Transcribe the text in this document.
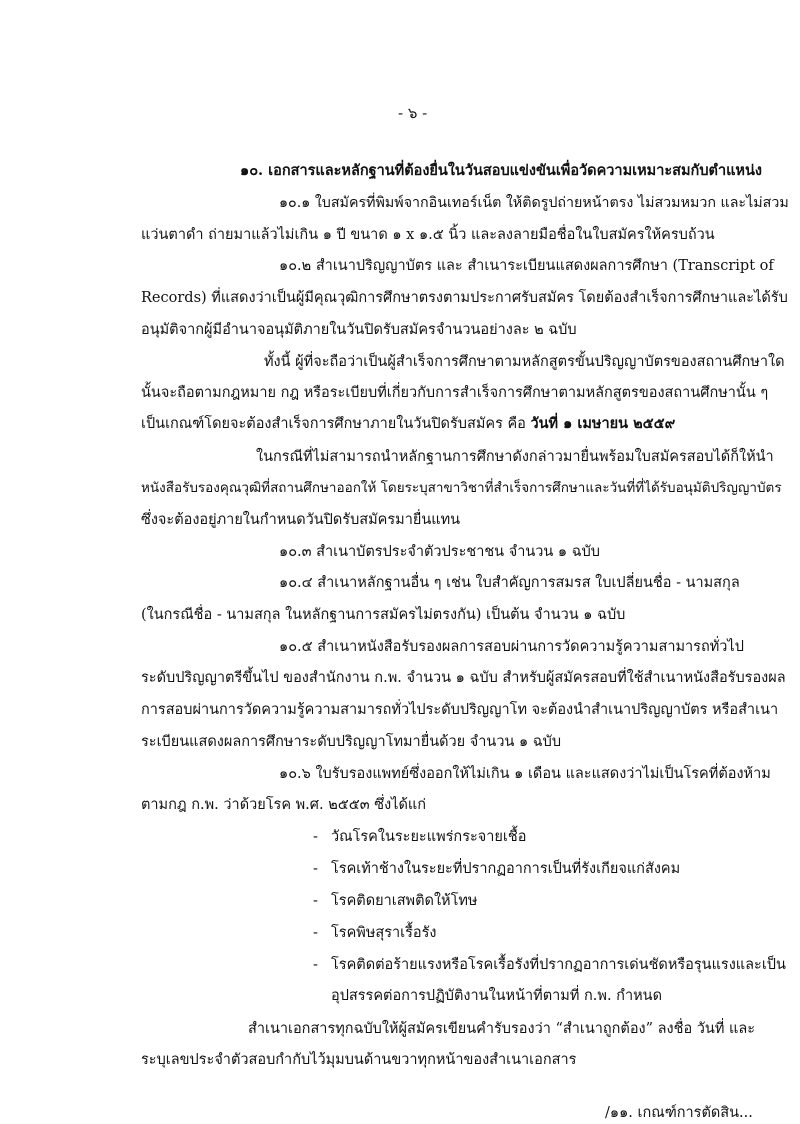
- ๖ -
๑๐. เอกสารและหลักฐานที่ต้องยื่นในวันสอบแข่งขันเพื่อวัดความเหมาะสมกับตำแหน่ง
๑๐.๑ ใบสมัครที่พิมพ์จากอินเทอร์เน็ต ให้ติดรูปถ่ายหน้าตรง ไม่สวมหมวก และไม่สวม
แว่นตาดำ ถ่ายมาแล้วไม่เกิน ๑ ปี ขนาด ๑ x ๑.๕ นิ้ว และลงลายมือชื่อในใบสมัครให้ครบถ้วน
๑๐.๒ สำเนาปริญญาบัตร และ สำเนาระเบียนแสดงผลการศึกษา (Transcript of
Records) ที่แสดงว่าเป็นผู้มีคุณวุฒิการศึกษาตรงตามประกาศรับสมัคร โดยต้องสำเร็จการศึกษาและได้รับ
อนุมัติจากผู้มีอำนาจอนุมัติภายในวันปิดรับสมัครจำนวนอย่างละ ๒ ฉบับ
ทั้งนี้ ผู้ที่จะถือว่าเป็นผู้สำเร็จการศึกษาตามหลักสูตรขั้นปริญญาบัตรของสถานศึกษาใด
นั้นจะถือตามกฎหมาย กฎ หรือระเบียบที่เกี่ยวกับการสำเร็จการศึกษาตามหลักสูตรของสถานศึกษานั้น ๆ
เป็นเกณฑ์โดยจะต้องสำเร็จการศึกษาภายในวันปิดรับสมัคร คือ วันที่ ๑ เมษายน ๒๕๕๙
ในกรณีที่ไม่สามารถนำหลักฐานการศึกษาดังกล่าวมายื่นพร้อมใบสมัครสอบได้ก็ให้นำ
หนังสือรับรองคุณวุฒิที่สถานศึกษาออกให้ โดยระบุสาขาวิชาที่สำเร็จการศึกษาและวันที่ที่ได้รับอนุมัติปริญญาบัตร
ซึ่งจะต้องอยู่ภายในกำหนดวันปิดรับสมัครมายื่นแทน
๑๐.๓ สำเนาบัตรประจำตัวประชาชน จำนวน ๑ ฉบับ
๑๐.๔ สำเนาหลักฐานอื่น ๆ เช่น ใบสำคัญการสมรส ใบเปลี่ยนชื่อ - นามสกุล
(ในกรณีชื่อ - นามสกุล ในหลักฐานการสมัครไม่ตรงกัน) เป็นต้น จำนวน ๑ ฉบับ
๑๐.๕ สำเนาหนังสือรับรองผลการสอบผ่านการวัดความรู้ความสามารถทั่วไป
ระดับปริญญาตรีขึ้นไป ของสำนักงาน ก.พ. จำนวน ๑ ฉบับ สำหรับผู้สมัครสอบที่ใช้สำเนาหนังสือรับรองผล
การสอบผ่านการวัดความรู้ความสามารถทั่วไประดับปริญญาโท จะต้องนำสำเนาปริญญาบัตร หรือสำเนา
ระเบียนแสดงผลการศึกษาระดับปริญญาโทมายื่นด้วย จำนวน ๑ ฉบับ
๑๐.๖ ใบรับรองแพทย์ซึ่งออกให้ไม่เกิน ๑ เดือน และแสดงว่าไม่เป็นโรคที่ต้องห้าม
ตามกฎ ก.พ. ว่าด้วยโรค พ.ศ. ๒๕๕๓ ซึ่งได้แก่
- วัณโรคในระยะแพร่กระจายเชื้อ
- โรคเท้าช้างในระยะที่ปรากฏอาการเป็นที่รังเกียจแก่สังคม
- โรคติดยาเสพติดให้โทษ
- โรคพิษสุราเรื้อรัง
- โรคติดต่อร้ายแรงหรือโรคเรื้อรังที่ปรากฏอาการเด่นชัดหรือรุนแรงและเป็น
อุปสรรคต่อการปฏิบัติงานในหน้าที่ตามที่ ก.พ. กำหนด
สำเนาเอกสารทุกฉบับให้ผู้สมัครเขียนคำรับรองว่า “สำเนาถูกต้อง” ลงชื่อ วันที่ และ
ระบุเลขประจำตัวสอบกำกับไว้มุมบนด้านขวาทุกหน้าของสำเนาเอกสาร
/๑๑. เกณฑ์การตัดสิน...
